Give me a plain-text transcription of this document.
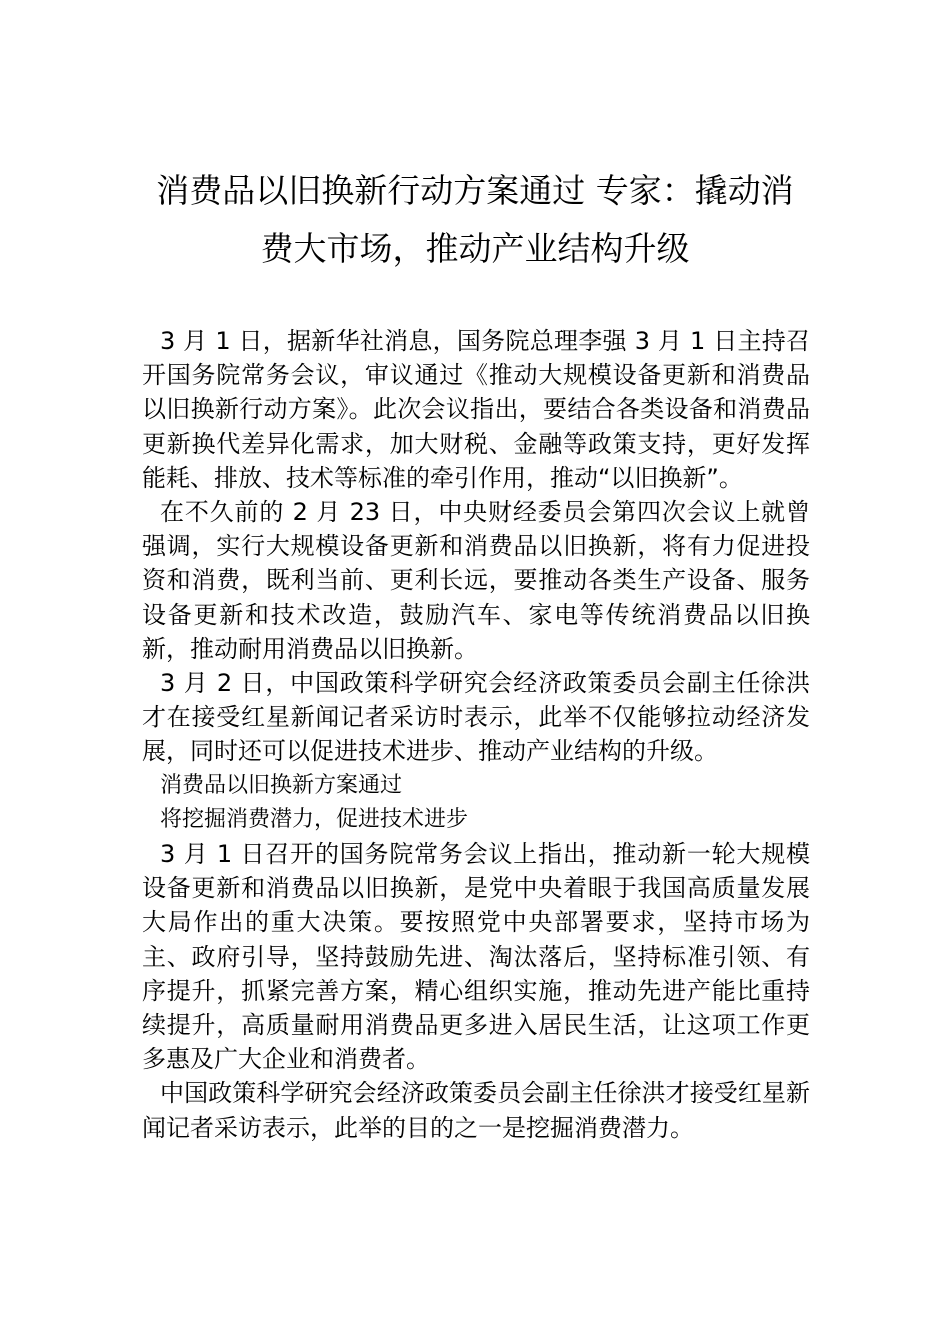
消费品以旧换新行动方案通过 专家：撬动消费大市场，推动产业结构升级

3 月 1 日，据新华社消息，国务院总理李强 3 月 1 日主持召开国务院常务会议，审议通过《推动大规模设备更新和消费品以旧换新行动方案》。此次会议指出，要结合各类设备和消费品更新换代差异化需求，加大财税、金融等政策支持，更好发挥能耗、排放、技术等标准的牵引作用，推动“以旧换新”。

在不久前的 2 月 23 日，中央财经委员会第四次会议上就曾强调，实行大规模设备更新和消费品以旧换新，将有力促进投资和消费，既利当前、更利长远，要推动各类生产设备、服务设备更新和技术改造，鼓励汽车、家电等传统消费品以旧换新，推动耐用消费品以旧换新。

3 月 2 日，中国政策科学研究会经济政策委员会副主任徐洪才在接受红星新闻记者采访时表示，此举不仅能够拉动经济发展，同时还可以促进技术进步、推动产业结构的升级。

消费品以旧换新方案通过

将挖掘消费潜力，促进技术进步

3 月 1 日召开的国务院常务会议上指出，推动新一轮大规模设备更新和消费品以旧换新，是党中央着眼于我国高质量发展大局作出的重大决策。要按照党中央部署要求，坚持市场为主、政府引导，坚持鼓励先进、淘汰落后，坚持标准引领、有序提升，抓紧完善方案，精心组织实施，推动先进产能比重持续提升，高质量耐用消费品更多进入居民生活，让这项工作更多惠及广大企业和消费者。

中国政策科学研究会经济政策委员会副主任徐洪才接受红星新闻记者采访表示，此举的目的之一是挖掘消费潜力。
